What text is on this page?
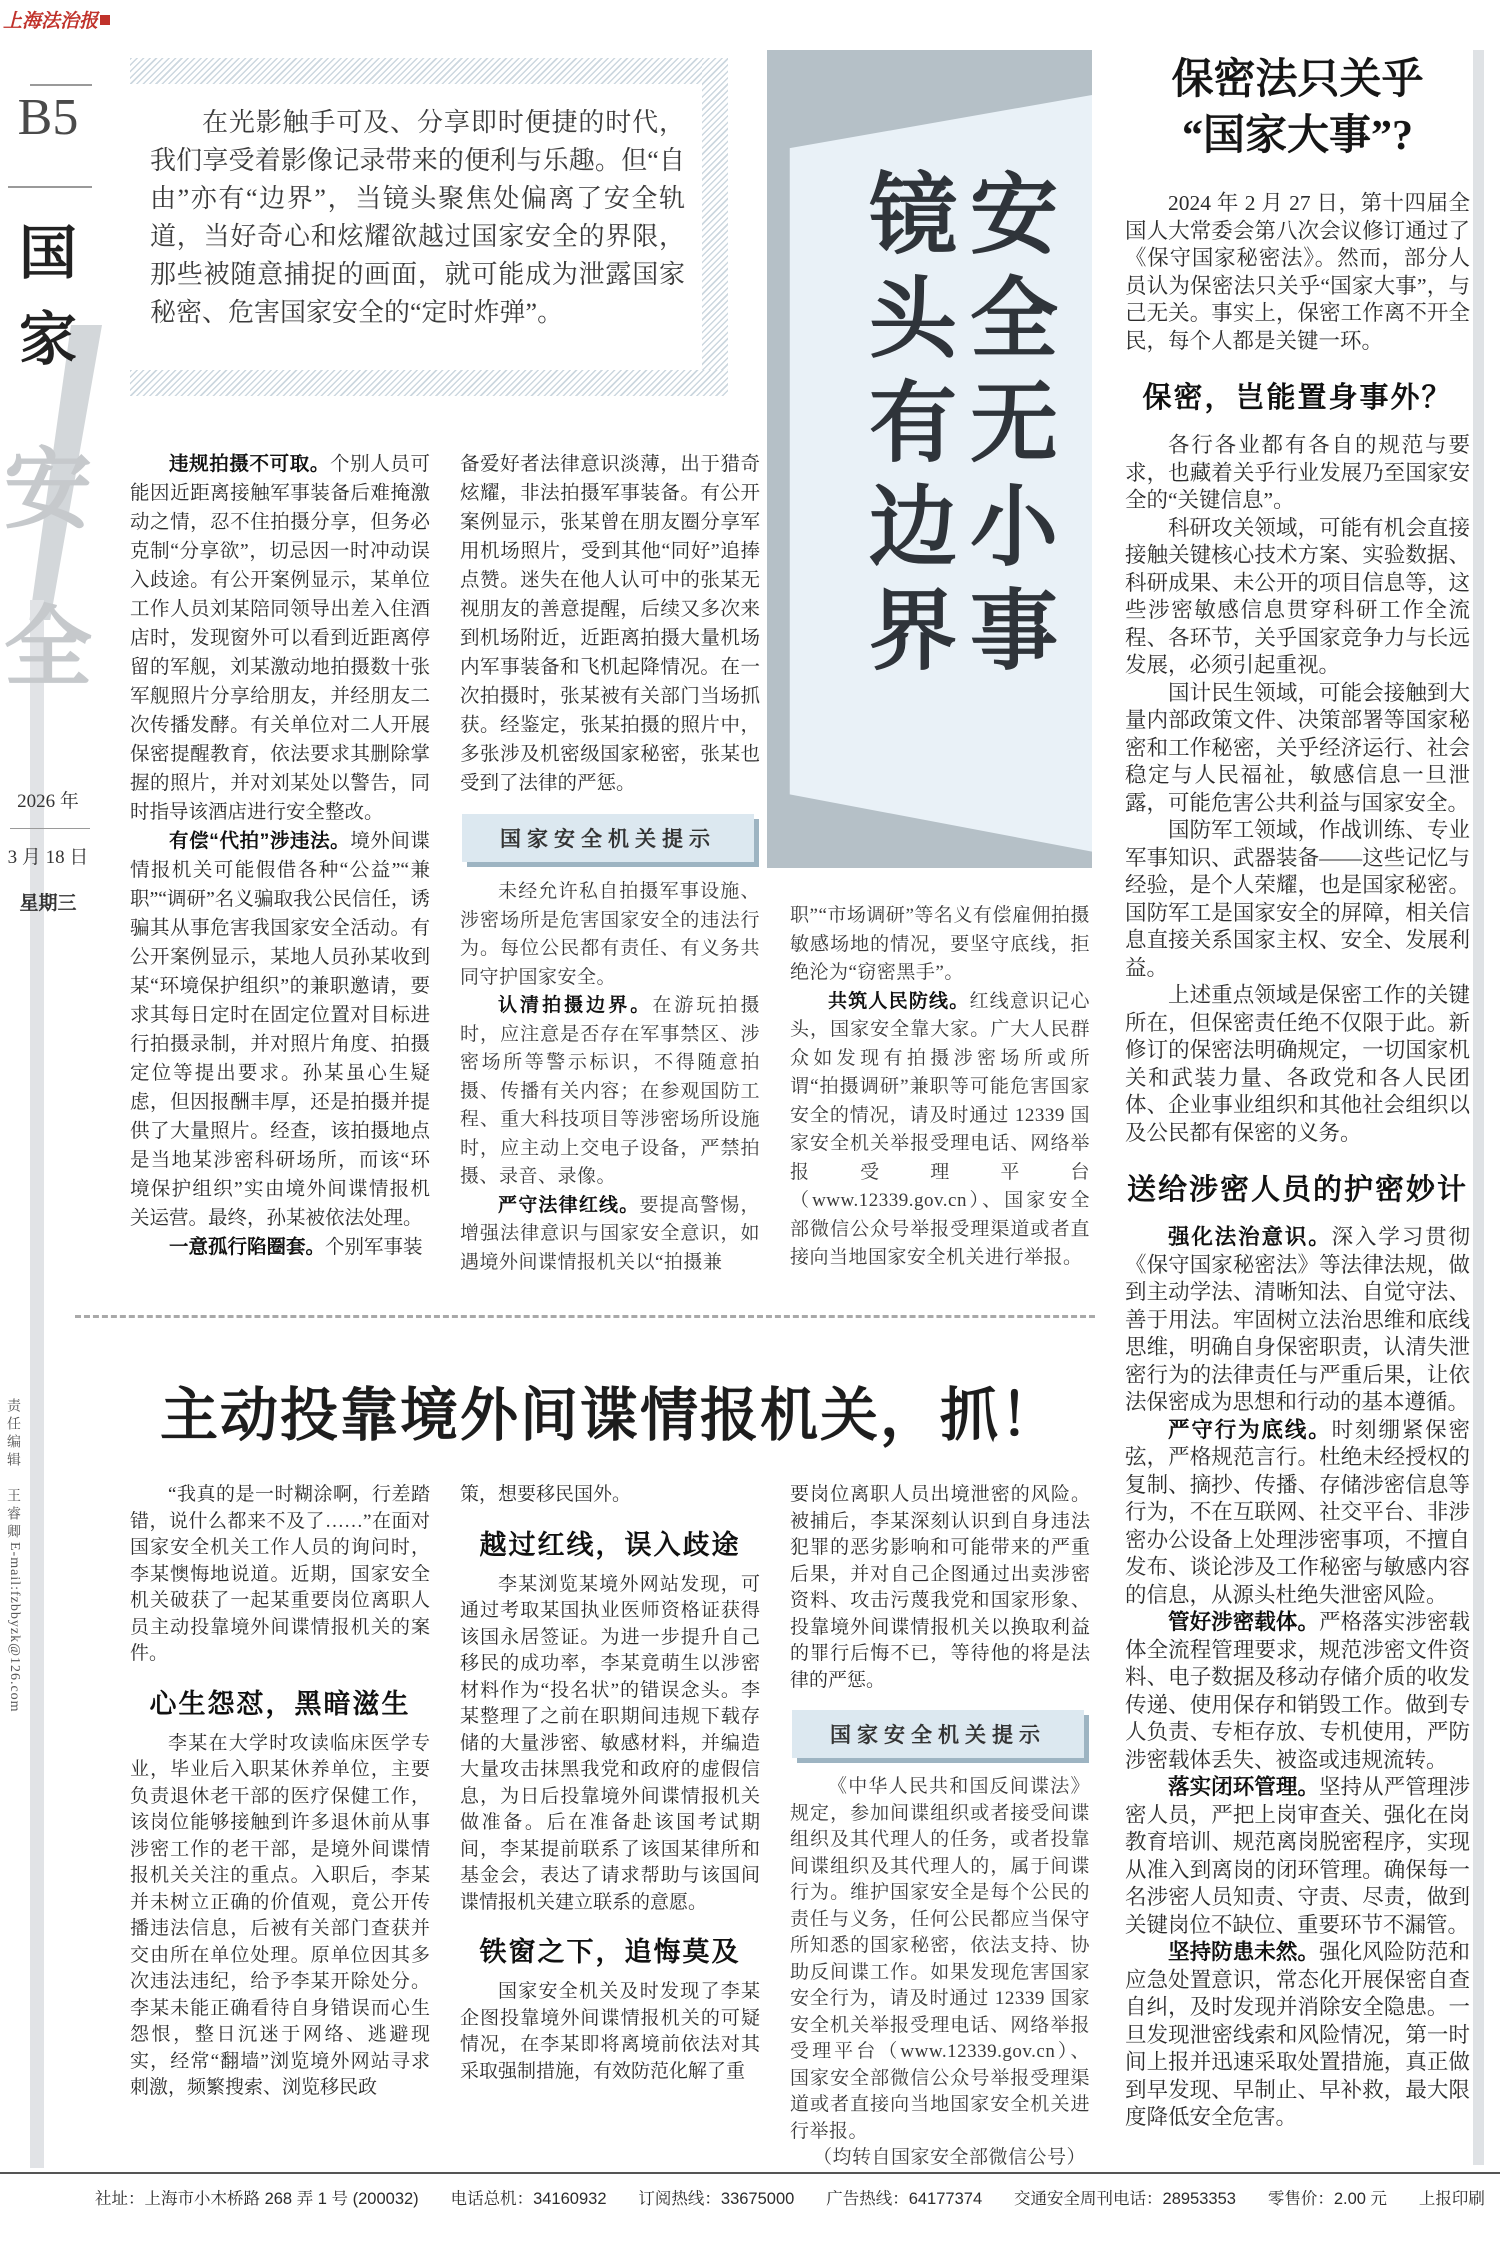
上海法治报
B5
国
家
安
全
2026 年
3 月 18 日
星期三
责任编辑　王睿卿
E-mail:fzbbyzk@126.com
在光影触手可及、分享即时便捷的时代，我们享受着影像记录带来的便利与乐趣。但“自由”亦有“边界”，当镜头聚焦处偏离了安全轨道，当好奇心和炫耀欲越过国家安全的界限，那些被随意捕捉的画面，就可能成为泄露国家秘密、危害国家安全的“定时炸弹”。	安全无小事
镜头有边界

违规拍摄不可取。个别人员可能因近距离接触军事装备后难掩激动之情，忍不住拍摄分享，但务必克制“分享欲”，切忌因一时冲动误入歧途。有公开案例显示，某单位工作人员刘某陪同领导出差入住酒店时，发现窗外可以看到近距离停留的军舰，刘某激动地拍摄数十张军舰照片分享给朋友，并经朋友二次传播发酵。有关单位对二人开展保密提醒教育，依法要求其删除掌握的照片，并对刘某处以警告，同时指导该酒店进行安全整改。

有偿“代拍”涉违法。境外间谍情报机关可能假借各种“公益”“兼职”“调研”名义骗取我公民信任，诱骗其从事危害我国家安全活动。有公开案例显示，某地人员孙某收到某“环境保护组织”的兼职邀请，要求其每日定时在固定位置对目标进行拍摄录制，并对照片角度、拍摄定位等提出要求。孙某虽心生疑虑，但因报酬丰厚，还是拍摄并提供了大量照片。经查，该拍摄地点是当地某涉密科研场所，而该“环境保护组织”实由境外间谍情报机关运营。最终，孙某被依法处理。

一意孤行陷圈套。个别军事装

备爱好者法律意识淡薄，出于猎奇炫耀，非法拍摄军事装备。有公开案例显示，张某曾在朋友圈分享军用机场照片，受到其他“同好”追捧点赞。迷失在他人认可中的张某无视朋友的善意提醒，后续又多次来到机场附近，近距离拍摄大量机场内军事装备和飞机起降情况。在一次拍摄时，张某被有关部门当场抓获。经鉴定，张某拍摄的照片中，多张涉及机密级国家秘密，张某也受到了法律的严惩。

国家安全机关提示

未经允许私自拍摄军事设施、涉密场所是危害国家安全的违法行为。每位公民都有责任、有义务共同守护国家安全。

认清拍摄边界。在游玩拍摄时，应注意是否存在军事禁区、涉密场所等警示标识，不得随意拍摄、传播有关内容；在参观国防工程、重大科技项目等涉密场所设施时，应主动上交电子设备，严禁拍摄、录音、录像。

严守法律红线。要提高警惕，增强法律意识与国家安全意识，如遇境外间谍情报机关以“拍摄兼

职”“市场调研”等名义有偿雇佣拍摄敏感场地的情况，要坚守底线，拒绝沦为“窃密黑手”。

共筑人民防线。红线意识记心头，国家安全靠大家。广大人民群众如发现有拍摄涉密场所或所谓“拍摄调研”兼职等可能危害国家安全的情况，请及时通过 12339 国家安全机关举报受理电话、网络举报受理平台（www.12339.gov.cn）、国家安全部微信公众号举报受理渠道或者直接向当地国家安全机关进行举报。

主动投靠境外间谍情报机关，抓！

“我真的是一时糊涂啊，行差踏错，说什么都来不及了……”在面对国家安全机关工作人员的询问时，李某懊悔地说道。近期，国家安全机关破获了一起某重要岗位离职人员主动投靠境外间谍情报机关的案件。

心生怨怼，黑暗滋生

李某在大学时攻读临床医学专业，毕业后入职某休养单位，主要负责退休老干部的医疗保健工作，该岗位能够接触到许多退休前从事涉密工作的老干部，是境外间谍情报机关关注的重点。入职后，李某并未树立正确的价值观，竟公开传播违法信息，后被有关部门查获并交由所在单位处理。原单位因其多次违法违纪，给予李某开除处分。李某未能正确看待自身错误而心生怨恨，整日沉迷于网络、逃避现实，经常“翻墙”浏览境外网站寻求刺激，频繁搜索、浏览移民政

策，想要移民国外。

越过红线，误入歧途

李某浏览某境外网站发现，可通过考取某国执业医师资格证获得该国永居签证。为进一步提升自己移民的成功率，李某竟萌生以涉密材料作为“投名状”的错误念头。李某整理了之前在职期间违规下载存储的大量涉密、敏感材料，并编造大量攻击抹黑我党和政府的虚假信息，为日后投靠境外间谍情报机关做准备。后在准备赴该国考试期间，李某提前联系了该国某律所和基金会，表达了请求帮助与该国间谍情报机关建立联系的意愿。

铁窗之下，追悔莫及

国家安全机关及时发现了李某企图投靠境外间谍情报机关的可疑情况，在李某即将离境前依法对其采取强制措施，有效防范化解了重

要岗位离职人员出境泄密的风险。被捕后，李某深刻认识到自身违法犯罪的恶劣影响和可能带来的严重后果，并对自己企图通过出卖涉密资料、攻击污蔑我党和国家形象、投靠境外间谍情报机关以换取利益的罪行后悔不已，等待他的将是法律的严惩。

国家安全机关提示

《中华人民共和国反间谍法》规定，参加间谍组织或者接受间谍组织及其代理人的任务，或者投靠间谍组织及其代理人的，属于间谍行为。维护国家安全是每个公民的责任与义务，任何公民都应当保守所知悉的国家秘密，依法支持、协助反间谍工作。如果发现危害国家安全行为，请及时通过 12339 国家安全机关举报受理电话、网络举报受理平台（www.12339.gov.cn）、国家安全部微信公众号举报受理渠道或者直接向当地国家安全机关进行举报。

（均转自国家安全部微信公号）

保密法只关乎
“国家大事”?

2024 年 2 月 27 日，第十四届全国人大常委会第八次会议修订通过了《保守国家秘密法》。然而，部分人员认为保密法只关乎“国家大事”，与己无关。事实上，保密工作离不开全民，每个人都是关键一环。

保密，岂能置身事外？

各行各业都有各自的规范与要求，也藏着关乎行业发展乃至国家安全的“关键信息”。

科研攻关领域，可能有机会直接接触关键核心技术方案、实验数据、科研成果、未公开的项目信息等，这些涉密敏感信息贯穿科研工作全流程、各环节，关乎国家竞争力与长远发展，必须引起重视。

国计民生领域，可能会接触到大量内部政策文件、决策部署等国家秘密和工作秘密，关乎经济运行、社会稳定与人民福祉，敏感信息一旦泄露，可能危害公共利益与国家安全。

国防军工领域，作战训练、专业军事知识、武器装备——这些记忆与经验，是个人荣耀，也是国家秘密。国防军工是国家安全的屏障，相关信息直接关系国家主权、安全、发展利益。

上述重点领域是保密工作的关键所在，但保密责任绝不仅限于此。新修订的保密法明确规定，一切国家机关和武装力量、各政党和各人民团体、企业事业组织和其他社会组织以及公民都有保密的义务。

送给涉密人员的护密妙计

强化法治意识。深入学习贯彻《保守国家秘密法》等法律法规，做到主动学法、清晰知法、自觉守法、善于用法。牢固树立法治思维和底线思维，明确自身保密职责，认清失泄密行为的法律责任与严重后果，让依法保密成为思想和行动的基本遵循。

严守行为底线。时刻绷紧保密弦，严格规范言行。杜绝未经授权的复制、摘抄、传播、存储涉密信息等行为，不在互联网、社交平台、非涉密办公设备上处理涉密事项，不擅自发布、谈论涉及工作秘密与敏感内容的信息，从源头杜绝失泄密风险。

管好涉密载体。严格落实涉密载体全流程管理要求，规范涉密文件资料、电子数据及移动存储介质的收发传递、使用保存和销毁工作。做到专人负责、专柜存放、专机使用，严防涉密载体丢失、被盗或违规流转。

落实闭环管理。坚持从严管理涉密人员，严把上岗审查关、强化在岗教育培训、规范离岗脱密程序，实现从准入到离岗的闭环管理。确保每一名涉密人员知责、守责、尽责，做到关键岗位不缺位、重要环节不漏管。

坚持防患未然。强化风险防范和应急处置意识，常态化开展保密自查自纠，及时发现并消除安全隐患。一旦发现泄密线索和风险情况，第一时间上报并迅速采取处置措施，真正做到早发现、早制止、早补救，最大限度降低安全危害。

社址：上海市小木桥路 268 弄 1 号 (200032) 电话总机：34160932 订阅热线：33675000 广告热线：64177374 交通安全周刊电话：28953353 零售价：2.00 元 上报印刷
